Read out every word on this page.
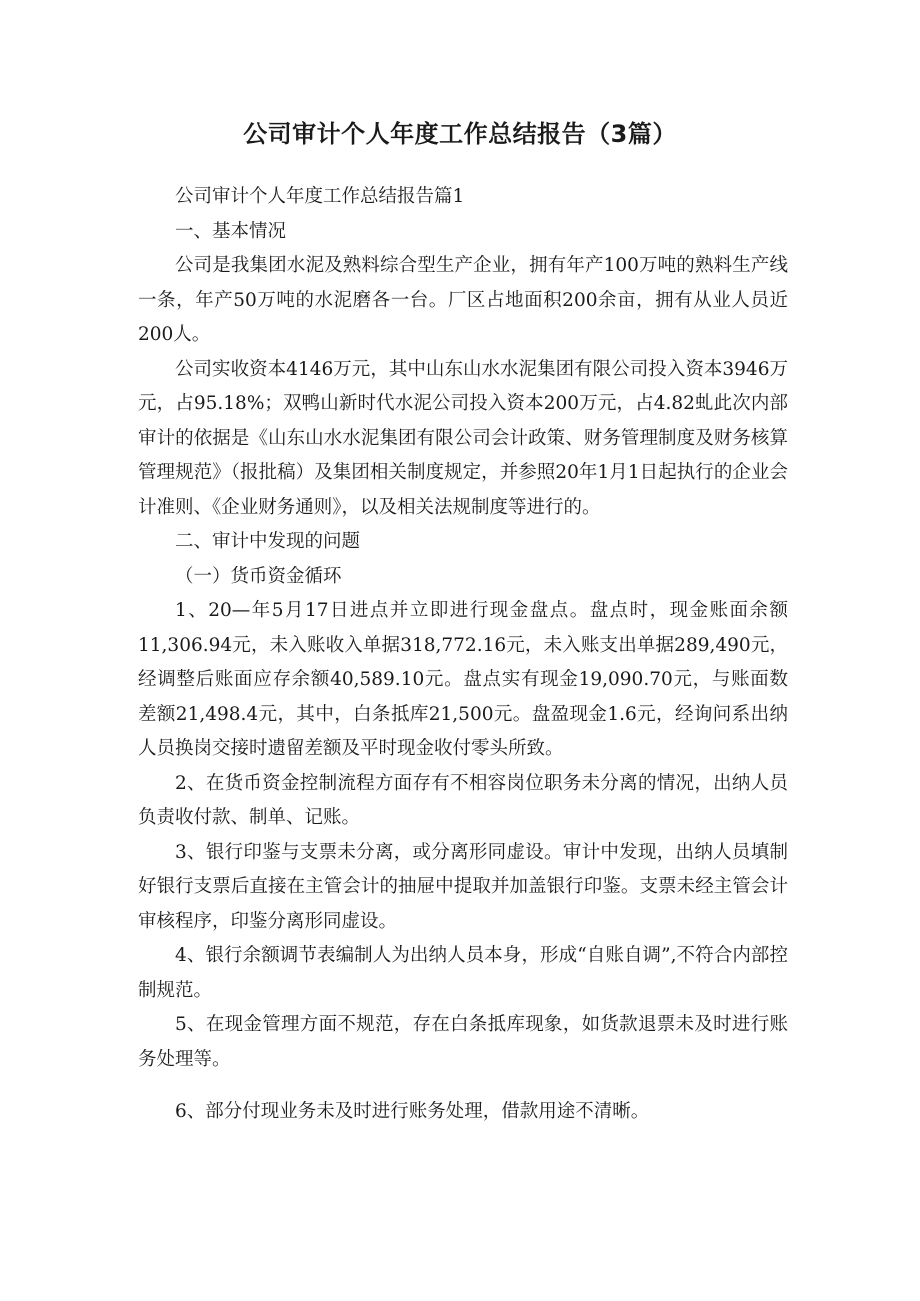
公司审计个人年度工作总结报告（3篇）

公司审计个人年度工作总结报告篇1

一、基本情况

公司是我集团水泥及熟料综合型生产企业，拥有年产100万吨的熟料生产线一条，年产50万吨的水泥磨各一台。厂区占地面积200余亩，拥有从业人员近200人。

公司实收资本4146万元，其中山东山水水泥集团有限公司投入资本3946万元，占95.18%；双鸭山新时代水泥公司投入资本200万元，占4.82虬此次内部审计的依据是《山东山水水泥集团有限公司会计政策、财务管理制度及财务核算管理规范》（报批稿）及集团相关制度规定，并参照20年1月1日起执行的企业会计准则、《企业财务通则》，以及相关法规制度等进行的。

二、审计中发现的问题

（一）货币资金循环

1、20—年5月17日进点并立即进行现金盘点。盘点时，现金账面余额11,306.94元，未入账收入单据318,772.16元，未入账支出单据289,490元，经调整后账面应存余额40,589.10元。盘点实有现金19,090.70元，与账面数差额21,498.4元，其中，白条抵库21,500元。盘盈现金1.6元，经询问系出纳人员换岗交接时遗留差额及平时现金收付零头所致。

2、在货币资金控制流程方面存有不相容岗位职务未分离的情况，出纳人员负责收付款、制单、记账。

3、银行印鉴与支票未分离，或分离形同虚设。审计中发现，出纳人员填制好银行支票后直接在主管会计的抽屉中提取并加盖银行印鉴。支票未经主管会计审核程序，印鉴分离形同虚设。

4、银行余额调节表编制人为出纳人员本身，形成“自账自调”,不符合内部控制规范。

5、在现金管理方面不规范，存在白条抵库现象，如货款退票未及时进行账务处理等。

6、部分付现业务未及时进行账务处理，借款用途不清晰。
